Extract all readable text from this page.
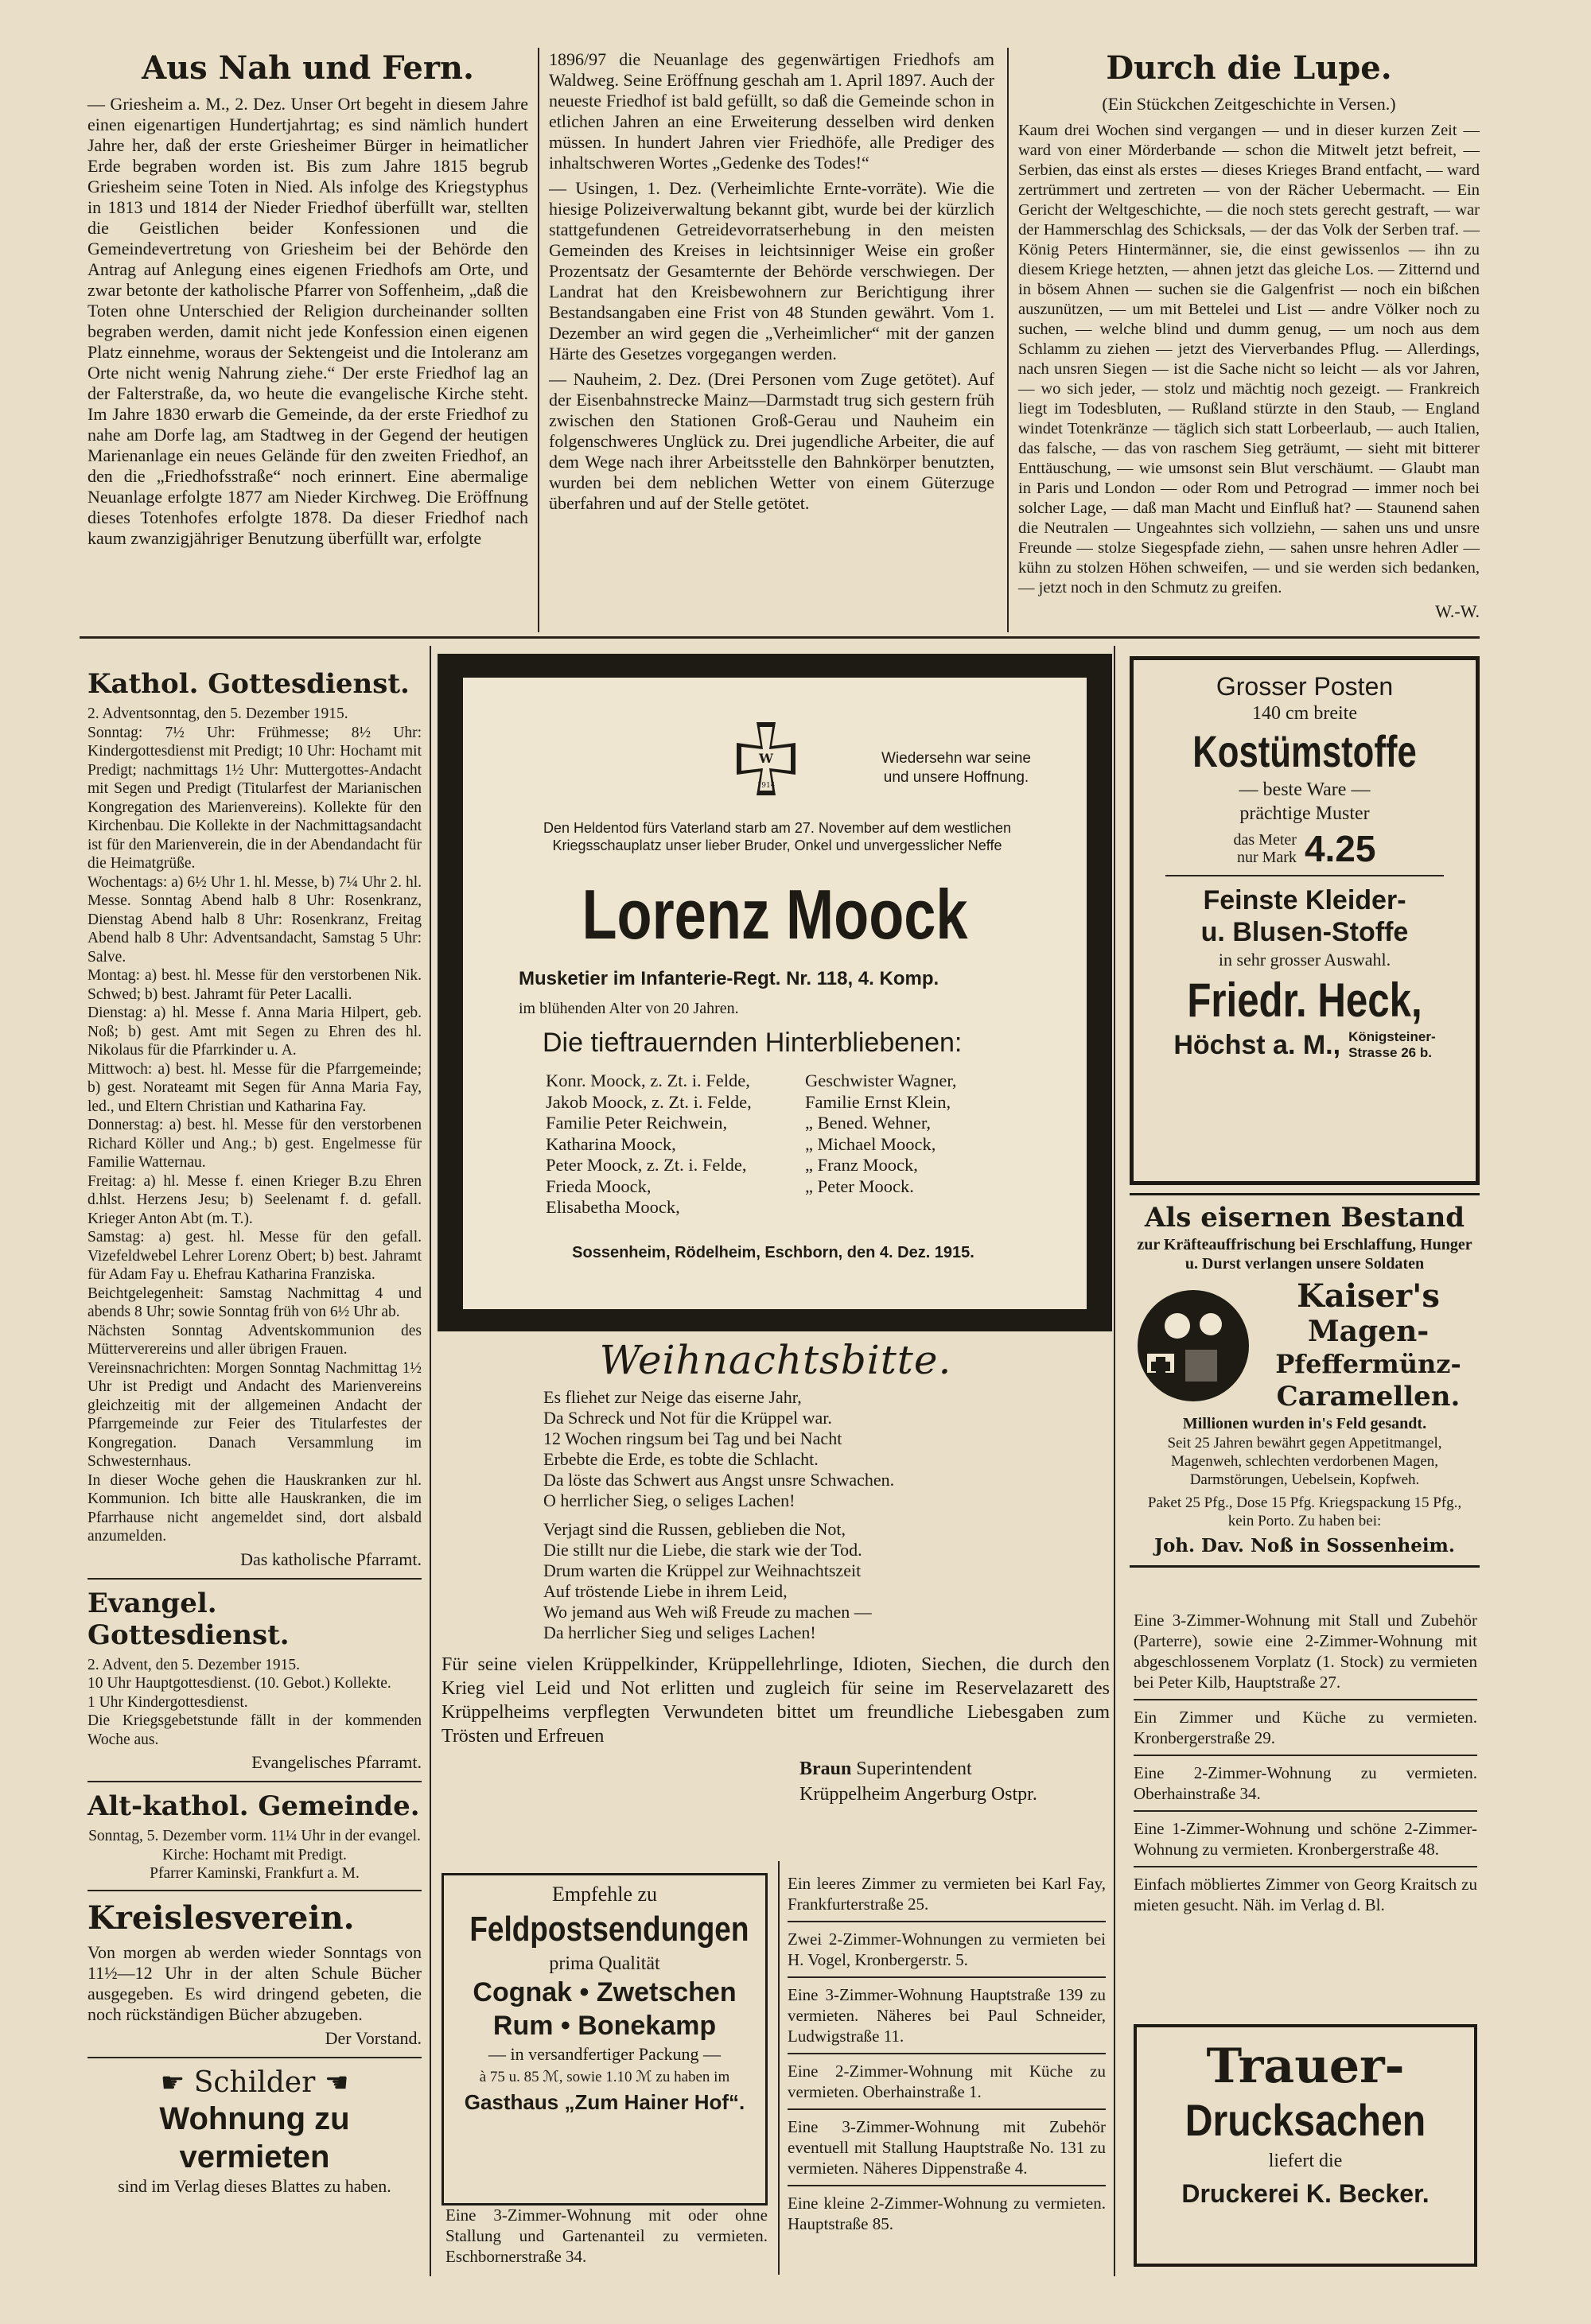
Aus Nah und Fern.

— Griesheim a. M., 2. Dez. Unser Ort begeht in diesem Jahre einen eigenartigen Hundertjahrtag; es sind nämlich hundert Jahre her, daß der erste Griesheimer Bürger in heimatlicher Erde begraben worden ist. Bis zum Jahre 1815 begrub Griesheim seine Toten in Nied. Als infolge des Kriegstyphus in 1813 und 1814 der Nieder Friedhof überfüllt war, stellten die Geistlichen beider Konfessionen und die Gemeindevertretung von Griesheim bei der Behörde den Antrag auf Anlegung eines eigenen Friedhofs am Orte, und zwar betonte der katholische Pfarrer von Soffenheim, „daß die Toten ohne Unterschied der Religion durcheinander sollten begraben werden, damit nicht jede Konfession einen eigenen Platz einnehme, woraus der Sektengeist und die Intoleranz am Orte nicht wenig Nahrung ziehe.“ Der erste Friedhof lag an der Falterstraße, da, wo heute die evangelische Kirche steht. Im Jahre 1830 erwarb die Gemeinde, da der erste Friedhof zu nahe am Dorfe lag, am Stadtweg in der Gegend der heutigen Marienanlage ein neues Gelände für den zweiten Friedhof, an den die „Friedhofsstraße“ noch erinnert. Eine abermalige Neuanlage erfolgte 1877 am Nieder Kirchweg. Die Eröffnung dieses Totenhofes erfolgte 1878. Da dieser Friedhof nach kaum zwanzigjähriger Benutzung überfüllt war, erfolgte

1896/97 die Neuanlage des gegenwärtigen Friedhofs am Waldweg. Seine Eröffnung geschah am 1. April 1897. Auch der neueste Friedhof ist bald gefüllt, so daß die Gemeinde schon in etlichen Jahren an eine Erweiterung desselben wird denken müssen. In hundert Jahren vier Friedhöfe, alle Prediger des inhaltschweren Wortes „Gedenke des Todes!“

— Usingen, 1. Dez. (Verheimlichte Ernte-vorräte). Wie die hiesige Polizeiverwaltung bekannt gibt, wurde bei der kürzlich stattgefundenen Getreidevorratserhebung in den meisten Gemeinden des Kreises in leichtsinniger Weise ein großer Prozentsatz der Gesamternte der Behörde verschwiegen. Der Landrat hat den Kreisbewohnern zur Berichtigung ihrer Bestandsangaben eine Frist von 48 Stunden gewährt. Vom 1. Dezember an wird gegen die „Verheimlicher“ mit der ganzen Härte des Gesetzes vorgegangen werden.

— Nauheim, 2. Dez. (Drei Personen vom Zuge getötet). Auf der Eisenbahnstrecke Mainz—Darmstadt trug sich gestern früh zwischen den Stationen Groß-Gerau und Nauheim ein folgenschweres Unglück zu. Drei jugendliche Arbeiter, die auf dem Wege nach ihrer Arbeitsstelle den Bahnkörper benutzten, wurden bei dem neblichen Wetter von einem Güterzuge überfahren und auf der Stelle getötet.

Durch die Lupe.
(Ein Stückchen Zeitgeschichte in Versen.)

Kaum drei Wochen sind vergangen — und in dieser kurzen Zeit — ward von einer Mörderbande — schon die Mitwelt jetzt befreit, — Serbien, das einst als erstes — dieses Krieges Brand entfacht, — ward zertrümmert und zertreten — von der Rächer Uebermacht. — Ein Gericht der Weltgeschichte, — die noch stets gerecht gestraft, — war der Hammerschlag des Schicksals, — der das Volk der Serben traf. — König Peters Hintermänner, sie, die einst gewissenlos — ihn zu diesem Kriege hetzten, — ahnen jetzt das gleiche Los. — Zitternd und in bösem Ahnen — suchen sie die Galgenfrist — noch ein bißchen auszunützen, — um mit Bettelei und List — andre Völker noch zu suchen, — welche blind und dumm genug, — um noch aus dem Schlamm zu ziehen — jetzt des Vierverbandes Pflug. — Allerdings, nach unsren Siegen — ist die Sache nicht so leicht — als vor Jahren, — wo sich jeder, — stolz und mächtig noch gezeigt. — Frankreich liegt im Todesbluten, — Rußland stürzte in den Staub, — England windet Totenkränze — täglich sich statt Lorbeerlaub, — auch Italien, das falsche, — das von raschem Sieg geträumt, — sieht mit bitterer Enttäuschung, — wie umsonst sein Blut verschäumt. — Glaubt man in Paris und London — oder Rom und Petrograd — immer noch bei solcher Lage, — daß man Macht und Einfluß hat? — Staunend sahen die Neutralen — Ungeahntes sich vollziehn, — sahen uns und unsre Freunde — stolze Siegespfade ziehn, — sahen unsre hehren Adler — kühn zu stolzen Höhen schweifen, — und sie werden sich bedanken, — jetzt noch in den Schmutz zu greifen.

W.-W.
Kathol. Gottesdienst.

2. Adventsonntag, den 5. Dezember 1915.
Sonntag: 7½ Uhr: Frühmesse; 8½ Uhr: Kindergottesdienst mit Predigt; 10 Uhr: Hochamt mit Predigt; nachmittags 1½ Uhr: Muttergottes-Andacht mit Segen und Predigt (Titularfest der Marianischen Kongregation des Marienvereins). Kollekte für den Kirchenbau. Die Kollekte in der Nachmittagsandacht ist für den Marienverein, die in der Abendandacht für die Heimatgrüße.
Wochentags: a) 6½ Uhr 1. hl. Messe, b) 7¼ Uhr 2. hl. Messe. Sonntag Abend halb 8 Uhr: Rosenkranz, Dienstag Abend halb 8 Uhr: Rosenkranz, Freitag Abend halb 8 Uhr: Adventsandacht, Samstag 5 Uhr: Salve.
Montag: a) best. hl. Messe für den verstorbenen Nik. Schwed; b) best. Jahramt für Peter Lacalli.
Dienstag: a) hl. Messe f. Anna Maria Hilpert, geb. Noß; b) gest. Amt mit Segen zu Ehren des hl. Nikolaus für die Pfarrkinder u. A.
Mittwoch: a) best. hl. Messe für die Pfarrgemeinde; b) gest. Norateamt mit Segen für Anna Maria Fay, led., und Eltern Christian und Katharina Fay.
Donnerstag: a) best. hl. Messe für den verstorbenen Richard Köller und Ang.; b) gest. Engelmesse für Familie Watternau.
Freitag: a) hl. Messe f. einen Krieger B.zu Ehren d.hlst. Herzens Jesu; b) Seelenamt f. d. gefall. Krieger Anton Abt (m. T.).
Samstag: a) gest. hl. Messe für den gefall. Vizefeldwebel Lehrer Lorenz Obert; b) best. Jahramt für Adam Fay u. Ehefrau Katharina Franziska.
Beichtgelegenheit: Samstag Nachmittag 4 und abends 8 Uhr; sowie Sonntag früh von 6½ Uhr ab.
Nächsten Sonntag Adventskommunion des Mütterverereins und aller übrigen Frauen.
Vereinsnachrichten: Morgen Sonntag Nachmittag 1½ Uhr ist Predigt und Andacht des Marienvereins gleichzeitig mit der allgemeinen Andacht der Pfarrgemeinde zur Feier des Titularfestes der Kongregation. Danach Versammlung im Schwesternhaus.
In dieser Woche gehen die Hauskranken zur hl. Kommunion. Ich bitte alle Hauskranken, die im Pfarrhause nicht angemeldet sind, dort alsbald anzumelden.

Das katholische Pfarramt.
Evangel. Gottesdienst.

2. Advent, den 5. Dezember 1915.
10 Uhr Hauptgottesdienst. (10. Gebot.) Kollekte.
1 Uhr Kindergottesdienst.
Die Kriegsgebetstunde fällt in der kommenden Woche aus.

Evangelisches Pfarramt.
Alt-kathol. Gemeinde.

Sonntag, 5. Dezember vorm. 11¼ Uhr in der evangel. Kirche: Hochamt mit Predigt.
Pfarrer Kaminski, Frankfurt a. M.

Kreislesverein.

Von morgen ab werden wieder Sonntags von 11½—12 Uhr in der alten Schule Bücher ausgegeben. Es wird dringend gebeten, die noch rückständigen Bücher abzugeben.

Der Vorstand.
☛ Schilder ☛
Wohnung zu vermieten
sind im Verlag dieses Blattes zu haben.
W
1914
Wiedersehn war seine
und unsere Hoffnung.
Den Heldentod fürs Vaterland starb am 27. November auf dem westlichen Kriegsschauplatz unser lieber Bruder, Onkel und unvergesslicher Neffe
Lorenz Moock
Musketier im Infanterie-Regt. Nr. 118, 4. Komp.
im blühenden Alter von 20 Jahren.
Die tieftrauernden Hinterbliebenen:
Konr. Moock, z. Zt. i. Felde,
Jakob Moock, z. Zt. i. Felde,
Familie Peter Reichwein,
Katharina Moock,
Peter Moock, z. Zt. i. Felde,
Frieda Moock,
Elisabetha Moock,
Geschwister Wagner,
Familie Ernst Klein,
„ Bened. Wehner,
„ Michael Moock,
„ Franz Moock,
„ Peter Moock.
Sossenheim, Rödelheim, Eschborn, den 4. Dez. 1915.
Weihnachtsbitte.
Es fliehet zur Neige das eiserne Jahr,
Da Schreck und Not für die Krüppel war.
12 Wochen ringsum bei Tag und bei Nacht
Erbebte die Erde, es tobte die Schlacht.
Da löste das Schwert aus Angst unsre Schwachen.
O herrlicher Sieg, o seliges Lachen!
Verjagt sind die Russen, geblieben die Not,
Die stillt nur die Liebe, die stark wie der Tod.
Drum warten die Krüppel zur Weihnachtszeit
Auf tröstende Liebe in ihrem Leid,
Wo jemand aus Weh wiß Freude zu machen —
Da herrlicher Sieg und seliges Lachen!

Für seine vielen Krüppelkinder, Krüppellehrlinge, Idioten, Siechen, die durch den Krieg viel Leid und Not erlitten und zugleich für seine im Reservelazarett des Krüppelheims verpflegten Verwundeten bittet um freundliche Liebesgaben zum Trösten und Erfreuen

Braun Superintendent
Krüppelheim Angerburg Ostpr.
Empfehle zu
Feldpostsendungen
prima Qualität
Cognak • Zwetschen
Rum • Bonekamp
— in versandfertiger Packung —
à 75 u. 85 ℳ, sowie 1.10 ℳ zu haben im
Gasthaus „Zum Hainer Hof“.

Eine 3-Zimmer-Wohnung mit oder ohne Stallung und Gartenanteil zu vermieten. Eschbornerstraße 34.

Ein leeres Zimmer zu vermieten bei Karl Fay, Frankfurterstraße 25.

Zwei 2-Zimmer-Wohnungen zu vermieten bei H. Vogel, Kronbergerstr. 5.

Eine 3-Zimmer-Wohnung Hauptstraße 139 zu vermieten. Näheres bei Paul Schneider, Ludwigstraße 11.

Eine 2-Zimmer-Wohnung mit Küche zu vermieten. Oberhainstraße 1.

Eine 3-Zimmer-Wohnung mit Zubehör eventuell mit Stallung Hauptstraße No. 131 zu vermieten. Näheres Dippenstraße 4.

Eine kleine 2-Zimmer-Wohnung zu vermieten. Hauptstraße 85.

Grosser Posten
140 cm breite
Kostümstoffe
— beste Ware —
prächtige Muster
das Meter
nur Mark 4.25
Feinste Kleider-
u. Blusen-Stoffe
in sehr grosser Auswahl.
Friedr. Heck,
Höchst a. M., Königsteiner-
Strasse 26 b.
Als eisernen Bestand
zur Kräfteauffrischung bei Erschlaffung, Hunger u. Durst verlangen unsere Soldaten
Kaiser's
Magen-
Pfeffermünz-
Caramellen.
Millionen wurden in's Feld gesandt.
Seit 25 Jahren bewährt gegen Appetitmangel, Magenweh, schlechten verdorbenen Magen, Darmstörungen, Uebelsein, Kopfweh.
Paket 25 Pfg., Dose 15 Pfg. Kriegspackung 15 Pfg., kein Porto. Zu haben bei:
Joh. Dav. Noß in Sossenheim.

Eine 3-Zimmer-Wohnung mit Stall und Zubehör (Parterre), sowie eine 2-Zimmer-Wohnung mit abgeschlossenem Vorplatz (1. Stock) zu vermieten bei Peter Kilb, Hauptstraße 27.

Ein Zimmer und Küche zu vermieten. Kronbergerstraße 29.

Eine 2-Zimmer-Wohnung zu vermieten. Oberhainstraße 34.

Eine 1-Zimmer-Wohnung und schöne 2-Zimmer-Wohnung zu vermieten. Kronbergerstraße 48.

Einfach möbliertes Zimmer von Georg Kraitsch zu mieten gesucht. Näh. im Verlag d. Bl.

Trauer-
Drucksachen
liefert die
Druckerei K. Becker.
